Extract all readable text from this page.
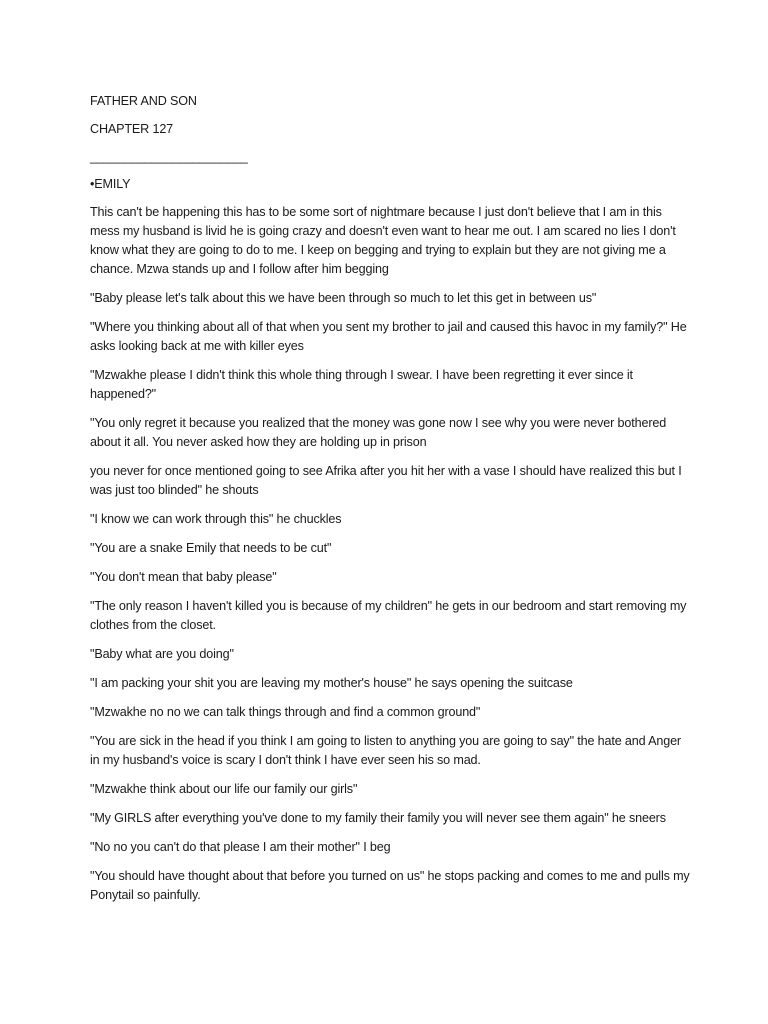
FATHER AND SON

CHAPTER 127

_______________________

•EMILY

This can't be happening this has to be some sort of nightmare because I just don't believe that I am in this mess my husband is livid he is going crazy and doesn't even want to hear me out. I am scared no lies I don't know what they are going to do to me. I keep on begging and trying to explain but they are not giving me a chance. Mzwa stands up and I follow after him begging

"Baby please let's talk about this we have been through so much to let this get in between us"

"Where you thinking about all of that when you sent my brother to jail and caused this havoc in my family?" He asks looking back at me with killer eyes

"Mzwakhe please I didn't think this whole thing through I swear. I have been regretting it ever since it happened?"

"You only regret it because you realized that the money was gone now I see why you were never bothered about it all. You never asked how they are holding up in prison

you never for once mentioned going to see Afrika after you hit her with a vase I should have realized this but I was just too blinded" he shouts

"I know we can work through this" he chuckles

"You are a snake Emily that needs to be cut"

"You don't mean that baby please"

"The only reason I haven't killed you is because of my children" he gets in our bedroom and start removing my clothes from the closet.

"Baby what are you doing"

"I am packing your shit you are leaving my mother's house" he says opening the suitcase

"Mzwakhe no no we can talk things through and find a common ground"

"You are sick in the head if you think I am going to listen to anything you are going to say" the hate and Anger in my husband's voice is scary I don't think I have ever seen his so mad.

"Mzwakhe think about our life our family our girls"

"My GIRLS after everything you've done to my family their family you will never see them again" he sneers

"No no you can't do that please I am their mother" I beg

"You should have thought about that before you turned on us" he stops packing and comes to me and pulls my Ponytail so painfully.
